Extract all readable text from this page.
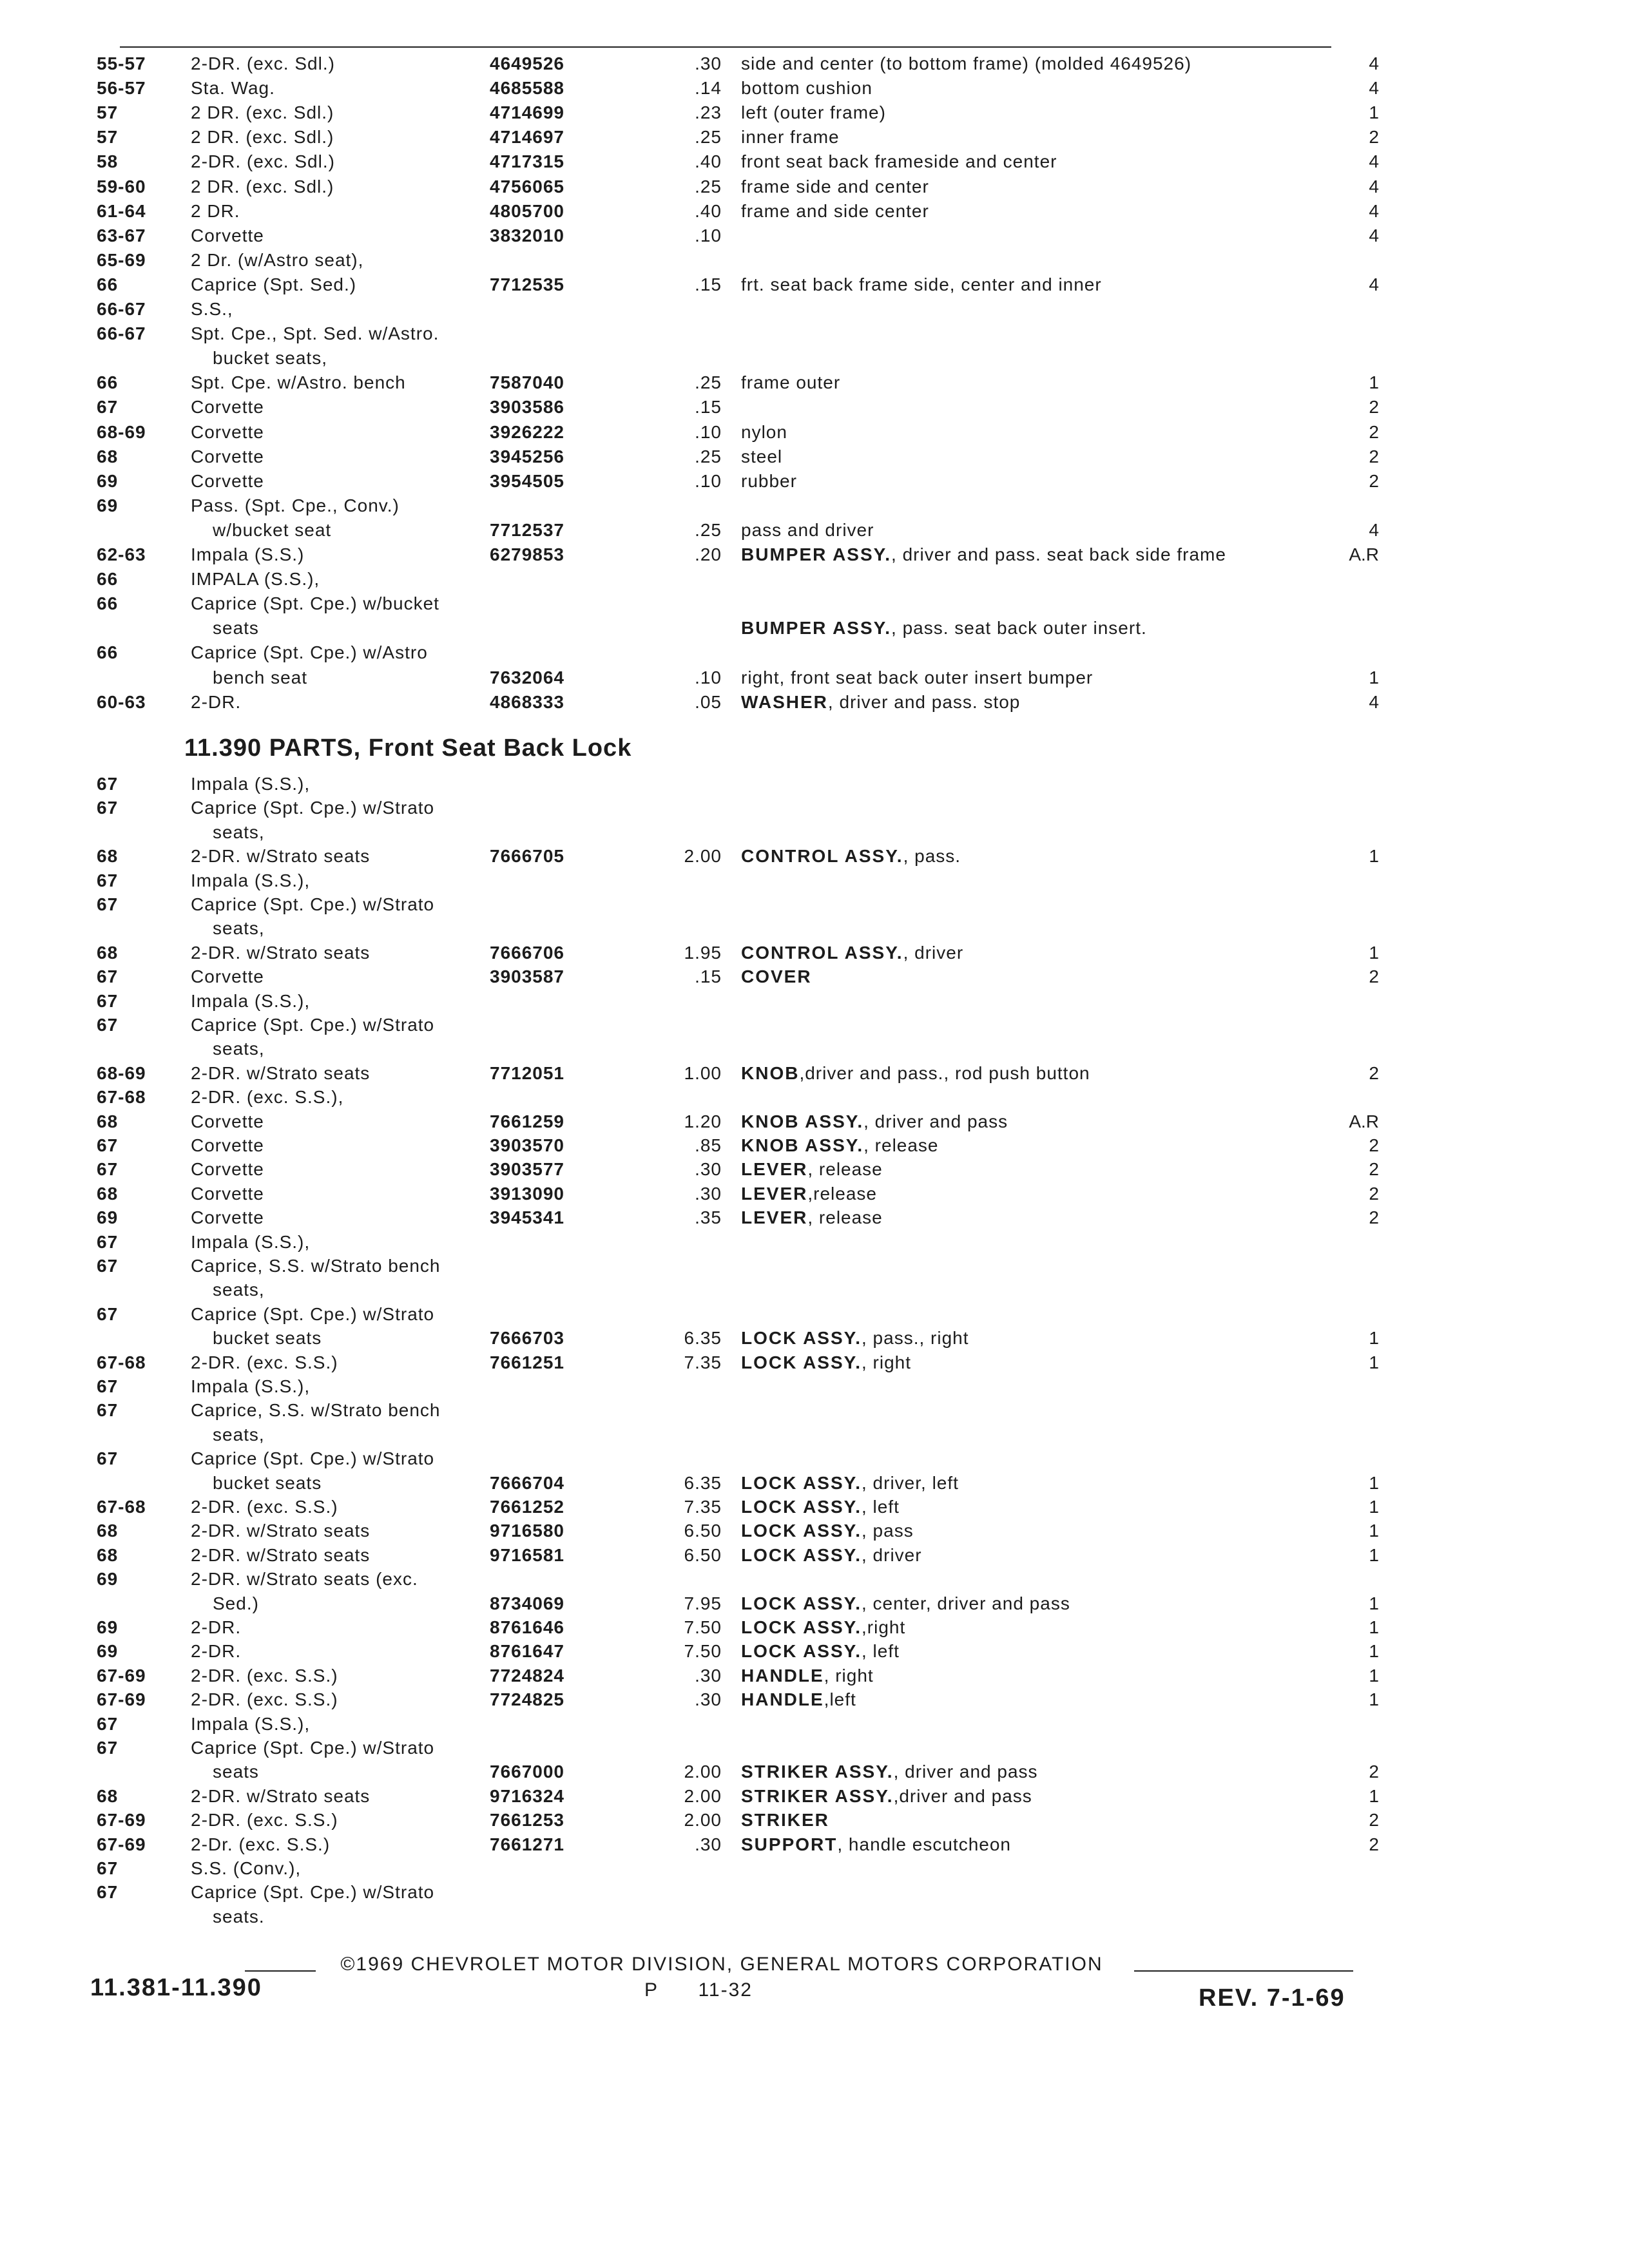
55-57 2-DR. (exc. Sdl.)	4649526	.30 side and center (to bottom frame) (molded 4649526)	4
56-57 Sta. Wag.	4685588	.14 bottom cushion	4
57	2 DR. (exc. Sdl.)	4714699	.23 left (outer frame)	1
57	2 DR. (exc. Sdl.)	4714697	.25 inner frame	2
58	2-DR. (exc. Sdl.)	4717315	.40 front seat back frameside and center	4
59-60 2 DR. (exc. Sdl.)	4756065	.25 frame side and center	4
61-64 2 DR.	4805700	.40 frame and side center	4
63-67 Corvette	3832010	.10	4
65-69 2 Dr. (w/Astro seat),
66	Caprice (Spt. Sed.)	7712535	.15 frt. seat back frame side, center and inner	4
66-67 S.S.,
66-67 Spt. Cpe., Spt. Sed. w/Astro.
bucket seats,
66	Spt. Cpe. w/Astro. bench	7587040	.25 frame outer	1
67	Corvette	3903586	.15	2
68-69 Corvette	3926222	.10 nylon	2
68	Corvette	3945256	.25 steel	2
69	Corvette	3954505	.10 rubber	2
69	Pass. (Spt. Cpe., Conv.)
w/bucket seat	7712537	.25 pass and driver	4
62-63 Impala (S.S.)	6279853	.20 BUMPER ASSY., driver and pass. seat back side frame	A.R
66	IMPALA (S.S.),
66	Caprice (Spt. Cpe.) w/bucket
seats	BUMPER ASSY., pass. seat back outer insert.
66	Caprice (Spt. Cpe.) w/Astro
bench seat	7632064	.10 right, front seat back outer insert bumper	1
60-63 2-DR.	4868333	.05 WASHER, driver and pass. stop	4
11.390 PARTS, Front Seat Back Lock
67	Impala (S.S.),
67	Caprice (Spt. Cpe.) w/Strato
seats,
68	2-DR. w/Strato seats	7666705	2.00 CONTROL ASSY., pass.	1
67	Impala (S.S.),
67	Caprice (Spt. Cpe.) w/Strato
seats,
68	2-DR. w/Strato seats	7666706	1.95 CONTROL ASSY., driver	1
67	Corvette	3903587	.15 COVER	2
67	Impala (S.S.),
67	Caprice (Spt. Cpe.) w/Strato
seats,
68-69 2-DR. w/Strato seats	7712051	1.00 KNOB,driver and pass., rod push button	2
67-68 2-DR. (exc. S.S.),
68	Corvette	7661259	1.20 KNOB ASSY., driver and pass	A.R
67	Corvette	3903570	.85 KNOB ASSY., release	2
67	Corvette	3903577	.30 LEVER, release	2
68	Corvette	3913090	.30 LEVER,release	2
69	Corvette	3945341	.35 LEVER, release	2
67	Impala (S.S.),
67	Caprice, S.S. w/Strato bench
seats,
67	Caprice (Spt. Cpe.) w/Strato
bucket seats	7666703	6.35 LOCK ASSY., pass., right	1
67-68 2-DR. (exc. S.S.)	7661251	7.35 LOCK ASSY., right	1
67	Impala (S.S.),
67	Caprice, S.S. w/Strato bench
seats,
67	Caprice (Spt. Cpe.) w/Strato
bucket seats	7666704	6.35 LOCK ASSY., driver, left	1
67-68 2-DR. (exc. S.S.)	7661252	7.35 LOCK ASSY., left	1
68	2-DR. w/Strato seats	9716580	6.50 LOCK ASSY., pass	1
68	2-DR. w/Strato seats	9716581	6.50 LOCK ASSY., driver	1
69	2-DR. w/Strato seats (exc.
Sed.)	8734069	7.95 LOCK ASSY., center, driver and pass	1
69	2-DR.	8761646	7.50 LOCK ASSY.,right	1
69	2-DR.	8761647	7.50 LOCK ASSY., left	1
67-69 2-DR. (exc. S.S.)	7724824	.30 HANDLE, right	1
67-69 2-DR. (exc. S.S.)	7724825	.30 HANDLE,left	1
67	Impala (S.S.),
67	Caprice (Spt. Cpe.) w/Strato
seats	7667000	2.00 STRIKER ASSY., driver and pass	2
68	2-DR. w/Strato seats	9716324	2.00 STRIKER ASSY.,driver and pass	1
67-69 2-DR. (exc. S.S.)	7661253	2.00 STRIKER	2
67-69 2-Dr. (exc. S.S.)	7661271	.30 SUPPORT, handle escutcheon	2
67	S.S. (Conv.),
67	Caprice (Spt. Cpe.) w/Strato
seats.
©1969 CHEVROLET MOTOR DIVISION, GENERAL MOTORS CORPORATION
11.381-11.390	P      11-32	REV. 7-1-69
